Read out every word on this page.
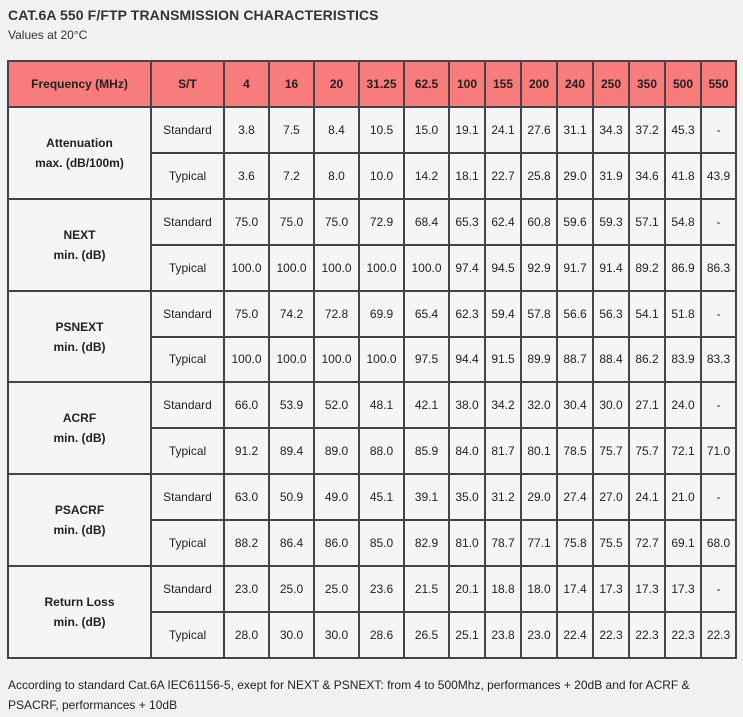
CAT.6A 550 F/FTP TRANSMISSION CHARACTERISTICS
Values at 20°C
Frequency (MHz)	S/T	4	16	20	31.25	62.5	100	155	200	240	250	350	500	550

Attenuation
max. (dB/100m)	Standard	3.8	7.5	8.4	10.5	15.0	19.1	24.1	27.6	31.1	34.3	37.2	45.3	-
	Typical	3.6	7.2	8.0	10.0	14.2	18.1	22.7	25.8	29.0	31.9	34.6	41.8	43.9

NEXT
min. (dB)	Standard	75.0	75.0	75.0	72.9	68.4	65.3	62.4	60.8	59.6	59.3	57.1	54.8	-
	Typical	100.0	100.0	100.0	100.0	100.0	97.4	94.5	92.9	91.7	91.4	89.2	86.9	86.3

PSNEXT
min. (dB)	Standard	75.0	74.2	72.8	69.9	65.4	62.3	59.4	57.8	56.6	56.3	54.1	51.8	-
	Typical	100.0	100.0	100.0	100.0	97.5	94.4	91.5	89.9	88.7	88.4	86.2	83.9	83.3

ACRF
min. (dB)	Standard	66.0	53.9	52.0	48.1	42.1	38.0	34.2	32.0	30.4	30.0	27.1	24.0	-
	Typical	91.2	89.4	89.0	88.0	85.9	84.0	81.7	80.1	78.5	75.7	75.7	72.1	71.0

PSACRF
min. (dB)	Standard	63.0	50.9	49.0	45.1	39.1	35.0	31.2	29.0	27.4	27.0	24.1	21.0	-
	Typical	88.2	86.4	86.0	85.0	82.9	81.0	78.7	77.1	75.8	75.5	72.7	69.1	68.0

Return Loss
min. (dB)	Standard	23.0	25.0	25.0	23.6	21.5	20.1	18.8	18.0	17.4	17.3	17.3	17.3	-
	Typical	28.0	30.0	30.0	28.6	26.5	25.1	23.8	23.0	22.4	22.3	22.3	22.3	22.3
According to standard Cat.6A IEC61156-5, exept for NEXT & PSNEXT: from 4 to 500Mhz, performances + 20dB and for ACRF & PSACRF, performances + 10dB
